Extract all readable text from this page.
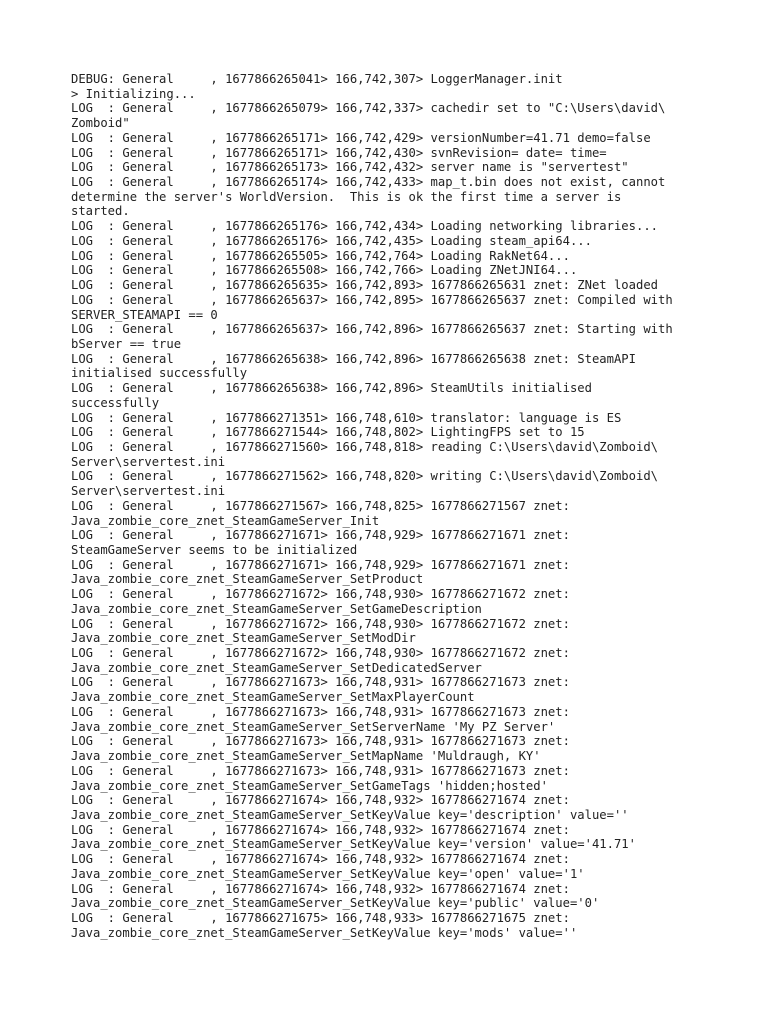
DEBUG: General     , 1677866265041> 166,742,307> LoggerManager.init
> Initializing...
LOG  : General     , 1677866265079> 166,742,337> cachedir set to "C:\Users\david\
Zomboid"
LOG  : General     , 1677866265171> 166,742,429> versionNumber=41.71 demo=false
LOG  : General     , 1677866265171> 166,742,430> svnRevision= date= time=
LOG  : General     , 1677866265173> 166,742,432> server name is "servertest"
LOG  : General     , 1677866265174> 166,742,433> map_t.bin does not exist, cannot
determine the server's WorldVersion.  This is ok the first time a server is
started.
LOG  : General     , 1677866265176> 166,742,434> Loading networking libraries...
LOG  : General     , 1677866265176> 166,742,435> Loading steam_api64...
LOG  : General     , 1677866265505> 166,742,764> Loading RakNet64...
LOG  : General     , 1677866265508> 166,742,766> Loading ZNetJNI64...
LOG  : General     , 1677866265635> 166,742,893> 1677866265631 znet: ZNet loaded
LOG  : General     , 1677866265637> 166,742,895> 1677866265637 znet: Compiled with
SERVER_STEAMAPI == 0
LOG  : General     , 1677866265637> 166,742,896> 1677866265637 znet: Starting with
bServer == true
LOG  : General     , 1677866265638> 166,742,896> 1677866265638 znet: SteamAPI
initialised successfully
LOG  : General     , 1677866265638> 166,742,896> SteamUtils initialised
successfully
LOG  : General     , 1677866271351> 166,748,610> translator: language is ES
LOG  : General     , 1677866271544> 166,748,802> LightingFPS set to 15
LOG  : General     , 1677866271560> 166,748,818> reading C:\Users\david\Zomboid\
Server\servertest.ini
LOG  : General     , 1677866271562> 166,748,820> writing C:\Users\david\Zomboid\
Server\servertest.ini
LOG  : General     , 1677866271567> 166,748,825> 1677866271567 znet:
Java_zombie_core_znet_SteamGameServer_Init
LOG  : General     , 1677866271671> 166,748,929> 1677866271671 znet:
SteamGameServer seems to be initialized
LOG  : General     , 1677866271671> 166,748,929> 1677866271671 znet:
Java_zombie_core_znet_SteamGameServer_SetProduct
LOG  : General     , 1677866271672> 166,748,930> 1677866271672 znet:
Java_zombie_core_znet_SteamGameServer_SetGameDescription
LOG  : General     , 1677866271672> 166,748,930> 1677866271672 znet:
Java_zombie_core_znet_SteamGameServer_SetModDir
LOG  : General     , 1677866271672> 166,748,930> 1677866271672 znet:
Java_zombie_core_znet_SteamGameServer_SetDedicatedServer
LOG  : General     , 1677866271673> 166,748,931> 1677866271673 znet:
Java_zombie_core_znet_SteamGameServer_SetMaxPlayerCount
LOG  : General     , 1677866271673> 166,748,931> 1677866271673 znet:
Java_zombie_core_znet_SteamGameServer_SetServerName 'My PZ Server'
LOG  : General     , 1677866271673> 166,748,931> 1677866271673 znet:
Java_zombie_core_znet_SteamGameServer_SetMapName 'Muldraugh, KY'
LOG  : General     , 1677866271673> 166,748,931> 1677866271673 znet:
Java_zombie_core_znet_SteamGameServer_SetGameTags 'hidden;hosted'
LOG  : General     , 1677866271674> 166,748,932> 1677866271674 znet:
Java_zombie_core_znet_SteamGameServer_SetKeyValue key='description' value=''
LOG  : General     , 1677866271674> 166,748,932> 1677866271674 znet:
Java_zombie_core_znet_SteamGameServer_SetKeyValue key='version' value='41.71'
LOG  : General     , 1677866271674> 166,748,932> 1677866271674 znet:
Java_zombie_core_znet_SteamGameServer_SetKeyValue key='open' value='1'
LOG  : General     , 1677866271674> 166,748,932> 1677866271674 znet:
Java_zombie_core_znet_SteamGameServer_SetKeyValue key='public' value='0'
LOG  : General     , 1677866271675> 166,748,933> 1677866271675 znet:
Java_zombie_core_znet_SteamGameServer_SetKeyValue key='mods' value=''
